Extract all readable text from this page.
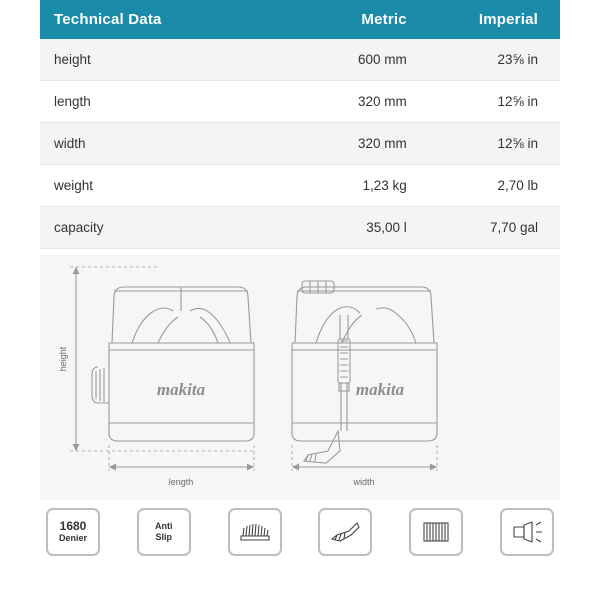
Technical Data	Metric	Imperial
height	600 mm	23⅝ in
length	320 mm	12⅝ in
width	320 mm	12⅝ in
weight	1,23 kg	2,70 lb
capacity	35,00 l	7,70 gal
makita	makita
height
length	width
1680
Denier
Anti
Slip
